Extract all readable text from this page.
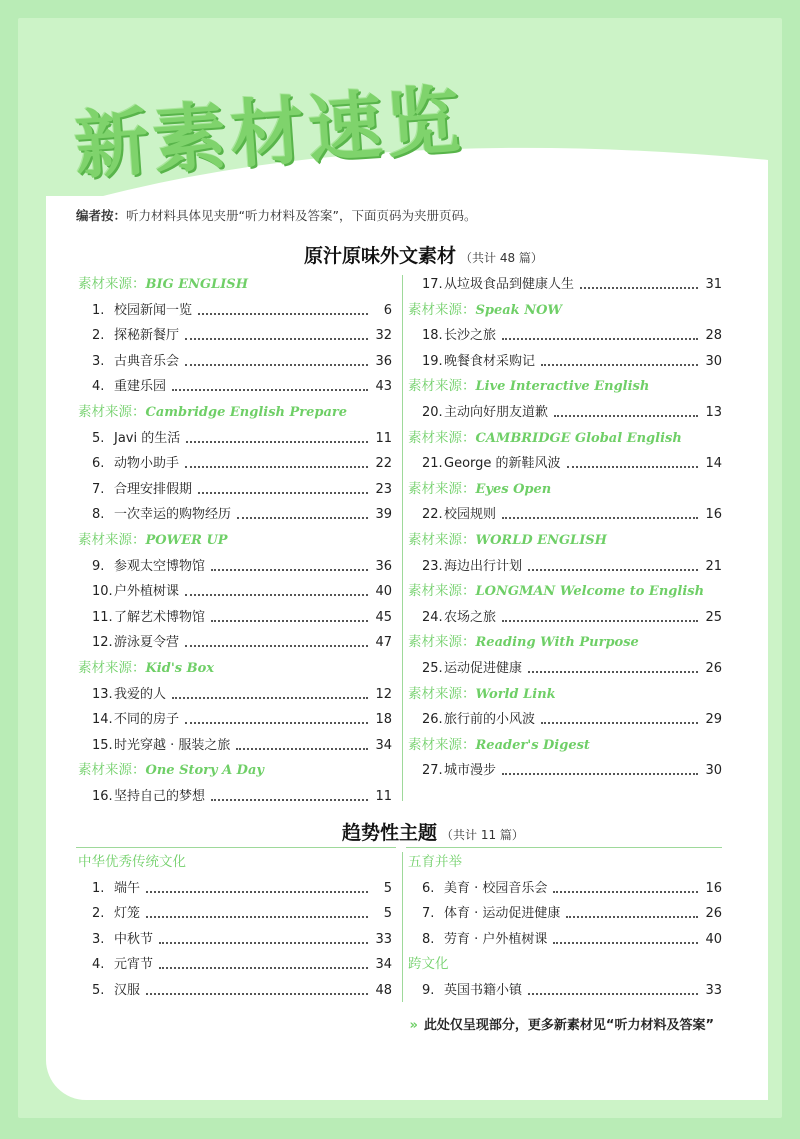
新素材速览
编者按：听力材料具体见夹册“听力材料及答案”，下面页码为夹册页码。
原汁原味外文素材 （共计 48 篇）
素材来源：BIG ENGLISH
1. 校园新闻一览	6
2. 探秘新餐厅	32
3. 古典音乐会	36
4. 重建乐园	43
素材来源：Cambridge English Prepare
5. Javi 的生活	11
6. 动物小助手	22
7. 合理安排假期	23
8. 一次幸运的购物经历	39
素材来源：POWER UP
9. 参观太空博物馆	36
10. 户外植树课	40
11. 了解艺术博物馆	45
12. 游泳夏令营	47
素材来源：Kid's Box
13. 我爱的人	12
14. 不同的房子	18
15. 时光穿越 · 服装之旅	34
素材来源：One Story A Day
16. 坚持自己的梦想	11
17. 从垃圾食品到健康人生	31
素材来源：Speak NOW
18. 长沙之旅	28
19. 晚餐食材采购记	30
素材来源：Live Interactive English
20. 主动向好朋友道歉	13
素材来源：CAMBRIDGE Global English
21. George 的新鞋风波	14
素材来源：Eyes Open
22. 校园规则	16
素材来源：WORLD ENGLISH
23. 海边出行计划	21
素材来源：LONGMAN Welcome to English
24. 农场之旅	25
素材来源：Reading With Purpose
25. 运动促进健康	26
素材来源：World Link
26. 旅行前的小风波	29
素材来源：Reader's Digest
27. 城市漫步	30
趋势性主题 （共计 11 篇）
中华优秀传统文化
1. 端午	5
2. 灯笼	5
3. 中秋节	33
4. 元宵节	34
5. 汉服	48
五育并举
6. 美育 · 校园音乐会	16
7. 体育 · 运动促进健康	26
8. 劳育 · 户外植树课	40
跨文化
9. 英国书籍小镇	33
» 此处仅呈现部分，更多新素材见“听力材料及答案”
